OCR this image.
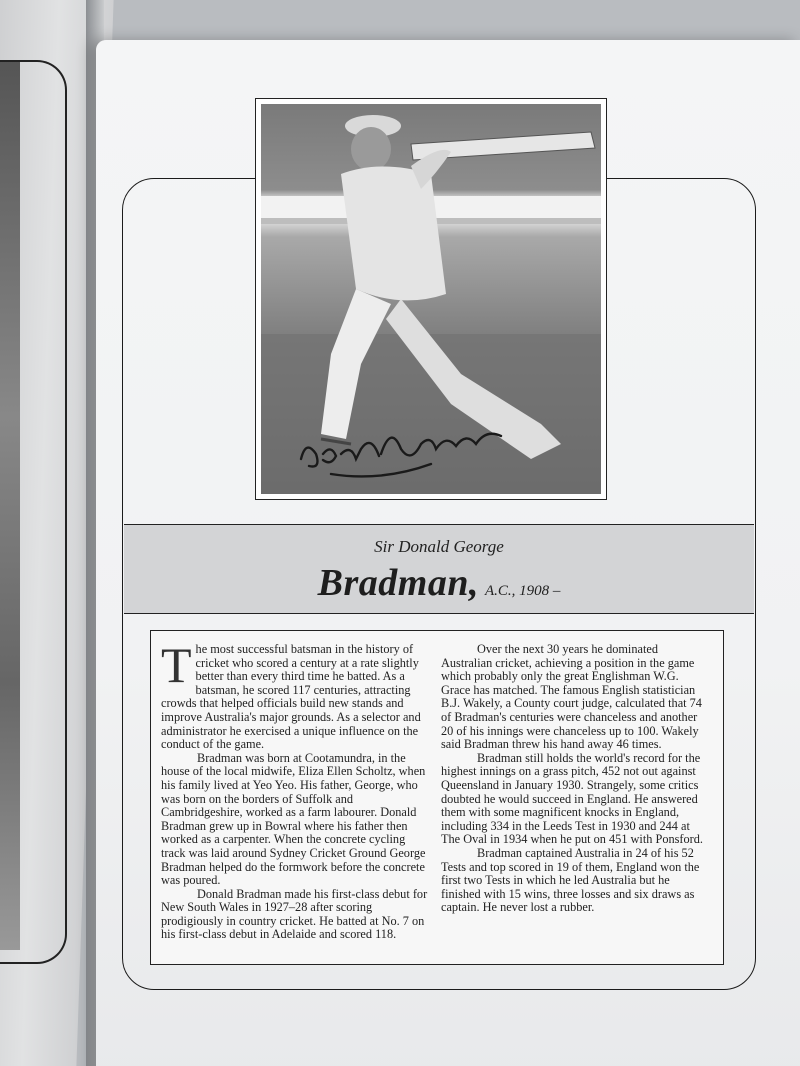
Sir Donald George
Bradman, A.C., 1908 –

The most successful batsman in the history of cricket who scored a century at a rate slightly better than every third time he batted. As a batsman, he scored 117 centuries, attracting crowds that helped officials build new stands and improve Australia's major grounds. As a selector and administrator he exercised a unique influence on the conduct of the game.

Bradman was born at Cootamundra, in the house of the local midwife, Eliza Ellen Scholtz, when his family lived at Yeo Yeo. His father, George, who was born on the borders of Suffolk and Cambridgeshire, worked as a farm labourer. Donald Bradman grew up in Bowral where his father then worked as a carpenter. When the concrete cycling track was laid around Sydney Cricket Ground George Bradman helped do the formwork before the concrete was poured.

Donald Bradman made his first-class debut for New South Wales in 1927–28 after scoring prodigiously in country cricket. He batted at No. 7 on his first-class debut in Adelaide and scored 118.

Over the next 30 years he dominated Australian cricket, achieving a position in the game which probably only the great Englishman W.G. Grace has matched. The famous English statistician B.J. Wakely, a County court judge, calculated that 74 of Bradman's centuries were chanceless and another 20 of his innings were chanceless up to 100. Wakely said Bradman threw his hand away 46 times.

Bradman still holds the world's record for the highest innings on a grass pitch, 452 not out against Queensland in January 1930. Strangely, some critics doubted he would succeed in England. He answered them with some magnificent knocks in England, including 334 in the Leeds Test in 1930 and 244 at The Oval in 1934 when he put on 451 with Ponsford.

Bradman captained Australia in 24 of his 52 Tests and top scored in 19 of them, England won the first two Tests in which he led Australia but he finished with 15 wins, three losses and six draws as captain. He never lost a rubber.
